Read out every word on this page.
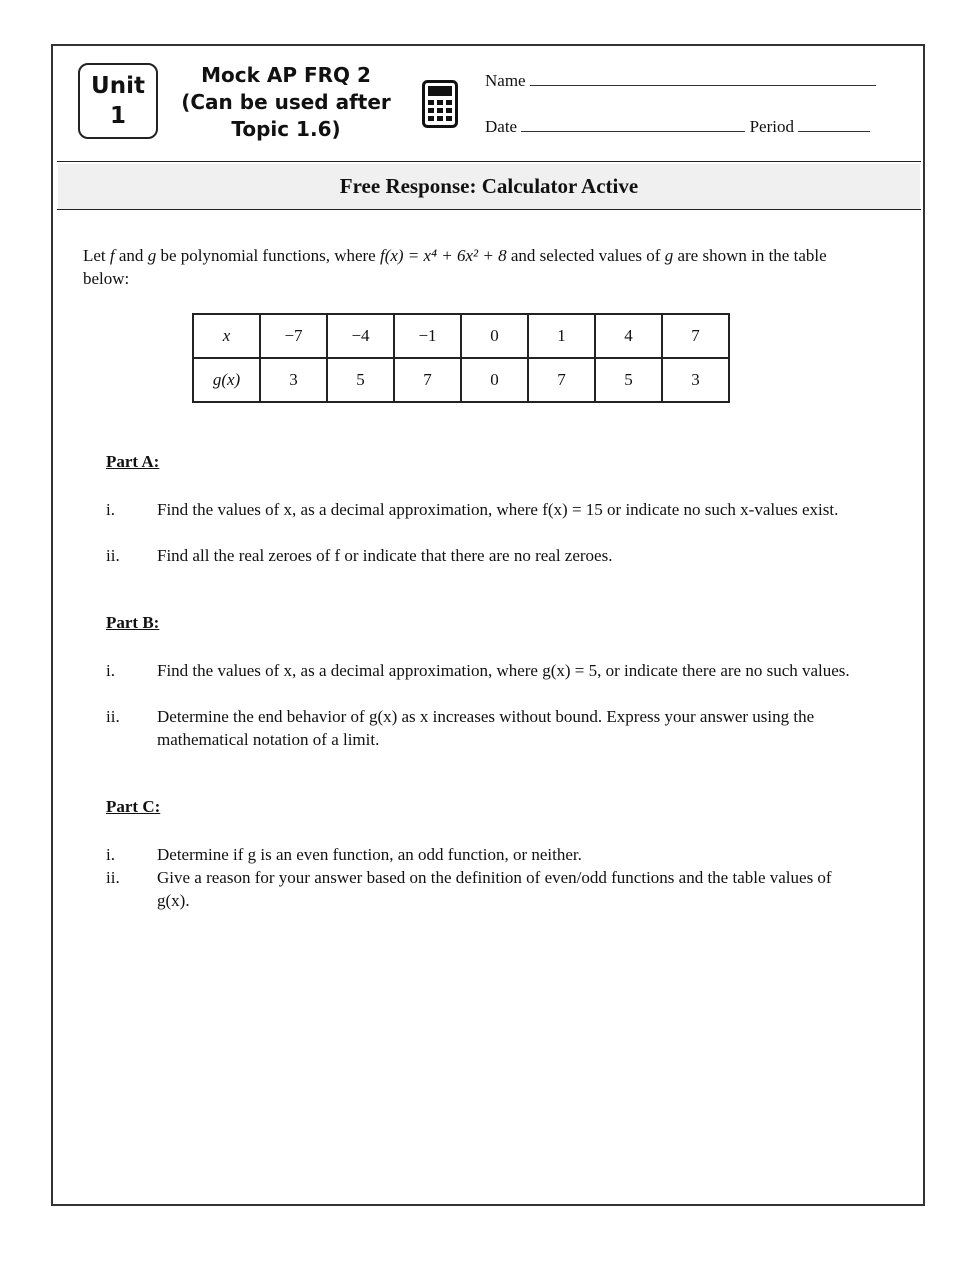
Unit
1
Mock AP FRQ 2
(Can be used after
Topic 1.6)
Name
Date	Period
Free Response: Calculator Active
Let f and g be polynomial functions, where f(x) = x⁴ + 6x² + 8 and selected values of g are shown in the table below:
x	−7	−4	−1	0	1	4	7
g(x)	3	5	7	0	7	5	3
Part A:
i.	Find the values of x, as a decimal approximation, where f(x) = 15 or indicate no such x-values exist.
ii.	Find all the real zeroes of f or indicate that there are no real zeroes.
Part B:
i.	Find the values of x, as a decimal approximation, where g(x) = 5, or indicate there are no such values.
ii.	Determine the end behavior of g(x) as x increases without bound. Express your answer using the mathematical notation of a limit.
Part C:
i.	Determine if g is an even function, an odd function, or neither.
ii.	Give a reason for your answer based on the definition of even/odd functions and the table values of g(x).
